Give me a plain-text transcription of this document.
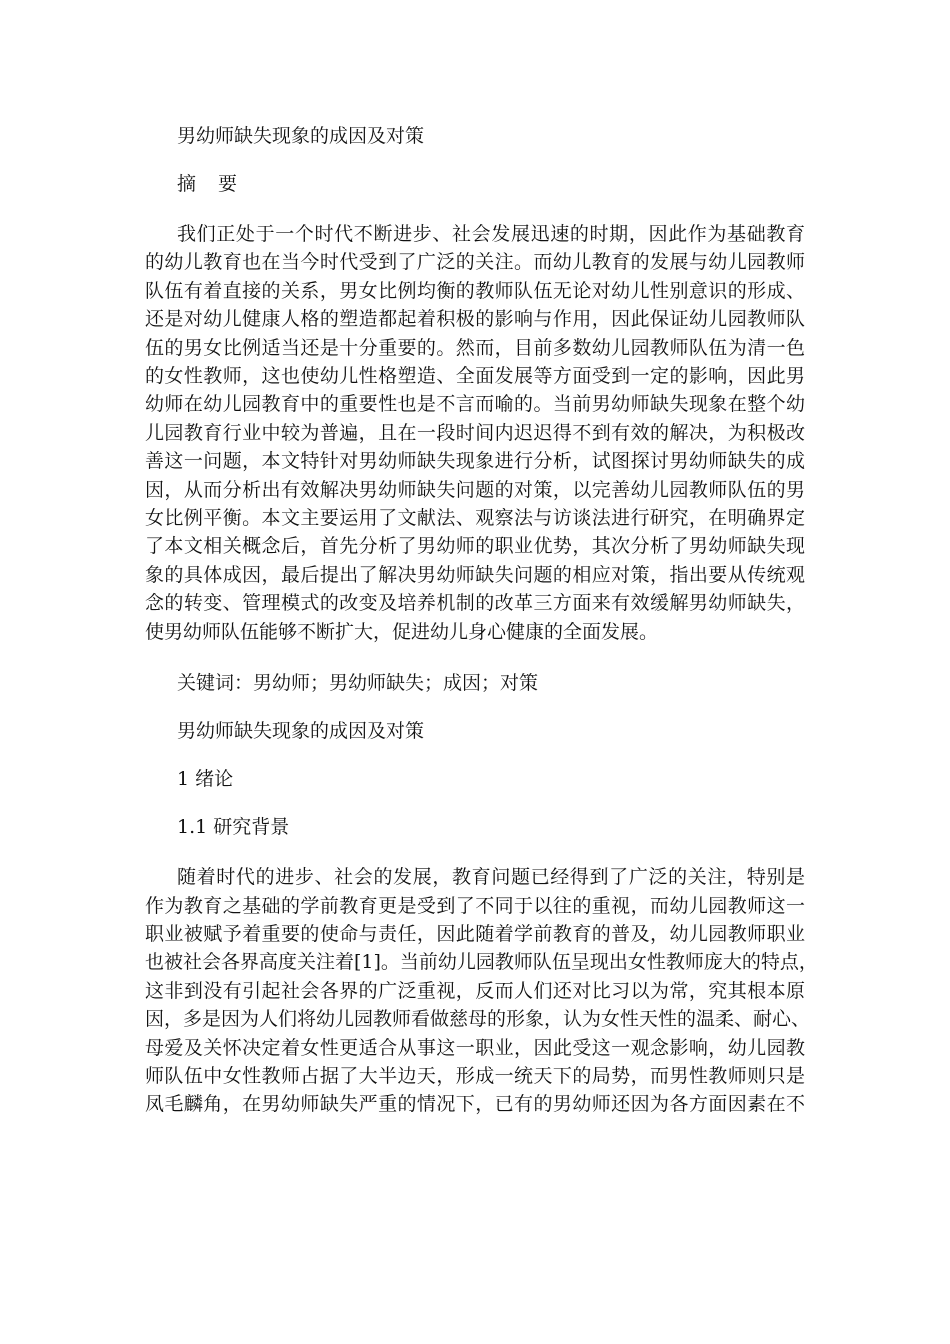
男幼师缺失现象的成因及对策
摘 要
我们正处于一个时代不断进步、社会发展迅速的时期，因此作为基础教育
的幼儿教育也在当今时代受到了广泛的关注。而幼儿教育的发展与幼儿园教师
队伍有着直接的关系，男女比例均衡的教师队伍无论对幼儿性别意识的形成、
还是对幼儿健康人格的塑造都起着积极的影响与作用，因此保证幼儿园教师队
伍的男女比例适当还是十分重要的。然而，目前多数幼儿园教师队伍为清一色
的女性教师，这也使幼儿性格塑造、全面发展等方面受到一定的影响，因此男
幼师在幼儿园教育中的重要性也是不言而喻的。当前男幼师缺失现象在整个幼
儿园教育行业中较为普遍，且在一段时间内迟迟得不到有效的解决，为积极改
善这一问题，本文特针对男幼师缺失现象进行分析，试图探讨男幼师缺失的成
因，从而分析出有效解决男幼师缺失问题的对策，以完善幼儿园教师队伍的男
女比例平衡。本文主要运用了文献法、观察法与访谈法进行研究，在明确界定
了本文相关概念后，首先分析了男幼师的职业优势，其次分析了男幼师缺失现
象的具体成因，最后提出了解决男幼师缺失问题的相应对策，指出要从传统观
念的转变、管理模式的改变及培养机制的改革三方面来有效缓解男幼师缺失，
使男幼师队伍能够不断扩大，促进幼儿身心健康的全面发展。
关键词：男幼师；男幼师缺失；成因；对策
男幼师缺失现象的成因及对策
1 绪论
1.1 研究背景
随着时代的进步、社会的发展，教育问题已经得到了广泛的关注，特别是
作为教育之基础的学前教育更是受到了不同于以往的重视，而幼儿园教师这一
职业被赋予着重要的使命与责任，因此随着学前教育的普及，幼儿园教师职业
也被社会各界高度关注着[1]。当前幼儿园教师队伍呈现出女性教师庞大的特点，
这非到没有引起社会各界的广泛重视，反而人们还对比习以为常，究其根本原
因，多是因为人们将幼儿园教师看做慈母的形象，认为女性天性的温柔、耐心、
母爱及关怀决定着女性更适合从事这一职业，因此受这一观念影响，幼儿园教
师队伍中女性教师占据了大半边天，形成一统天下的局势，而男性教师则只是
凤毛麟角，在男幼师缺失严重的情况下，已有的男幼师还因为各方面因素在不
